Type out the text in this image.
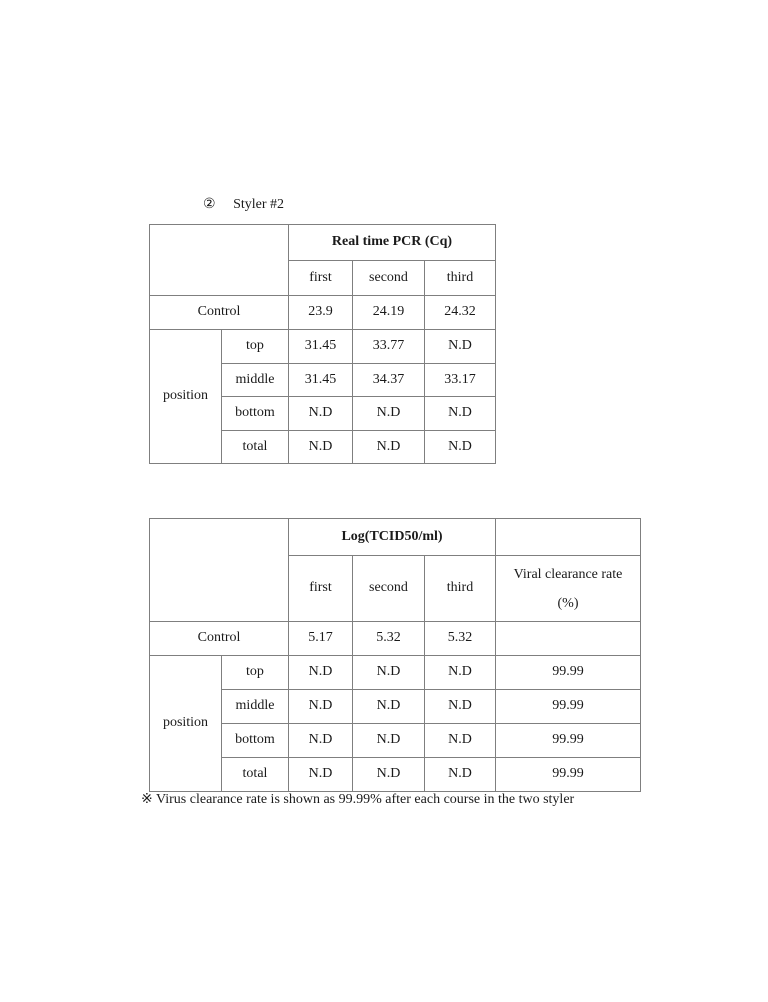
② Styler #2
		Real time PCR (Cq)		
		first	second	third
Control		23.9	24.19	24.32
position	top	31.45	33.77	N.D
	middle	31.45	34.37	33.17
	bottom	N.D	N.D	N.D
	total	N.D	N.D	N.D
		Log(TCID50/ml)			
		first	second	third	Viral clearance rate
(%)

Control		5.17	5.32	5.32	
position	top	N.D	N.D	N.D	99.99
	middle	N.D	N.D	N.D	99.99
	bottom	N.D	N.D	N.D	99.99
	total	N.D	N.D	N.D	99.99
※ Virus clearance rate is shown as 99.99% after each course in the two styler
